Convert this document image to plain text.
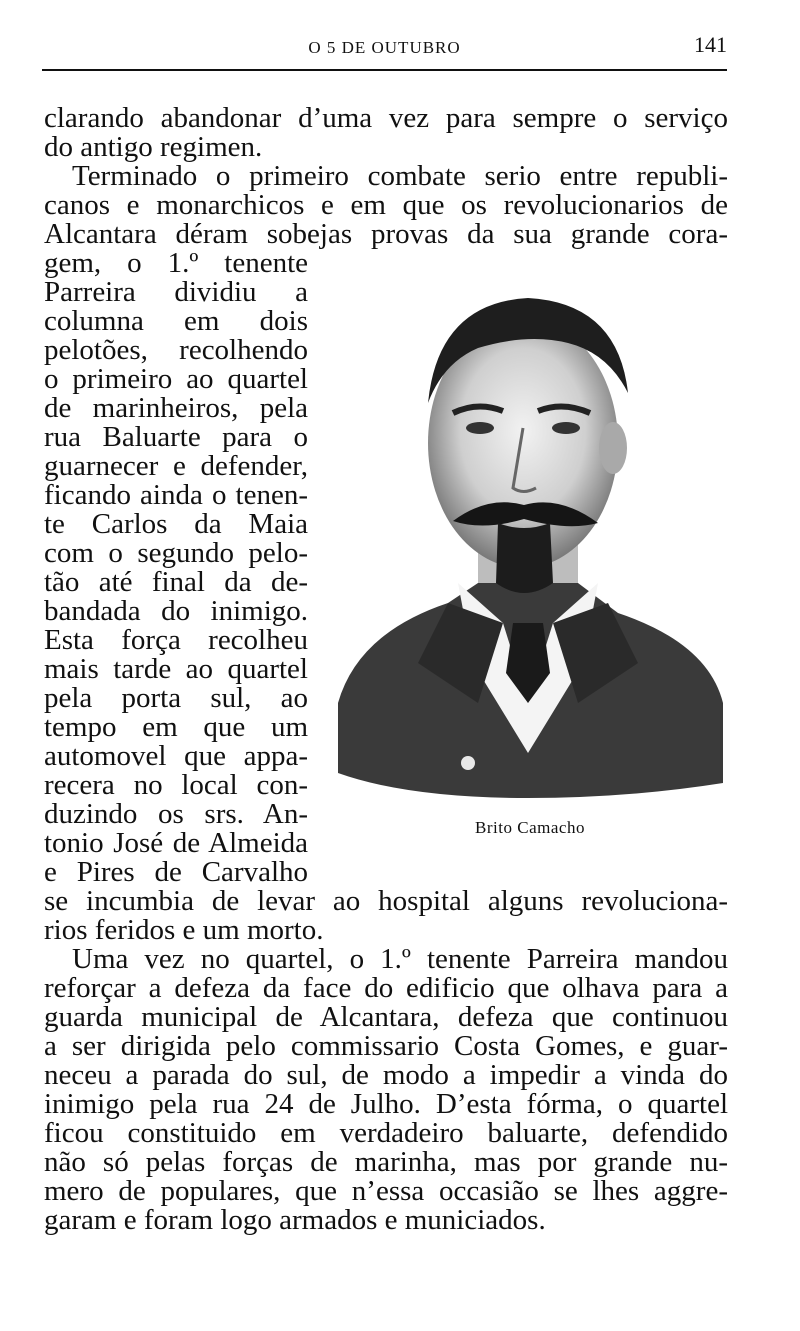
O 5 DE OUTUBRO	141
clarando abandonar d’uma vez para sempre o serviço
do antigo regimen.
Terminado o primeiro combate serio entre republi-
canos e monarchicos e em que os revolucionarios de
Alcantara déram sobejas provas da sua grande cora-
gem, o 1.º tenente
Parreira dividiu a
columna em dois
pelotões, recolhendo
o primeiro ao quartel
de marinheiros, pela
rua Baluarte para o
guarnecer e defender,
ficando ainda o tenen-
te Carlos da Maia
com o segundo pelo-
tão até final da de-
bandada do inimigo.
Esta força recolheu
mais tarde ao quartel
pela porta sul, ao
tempo em que um
automovel que appa-
recera no local con-
duzindo os srs. An-
tonio José de Almeida
e Pires de Carvalho
se incumbia de levar ao hospital alguns revoluciona-
rios feridos e um morto.
Uma vez no quartel, o 1.º tenente Parreira mandou
reforçar a defeza da face do edificio que olhava para a
guarda municipal de Alcantara, defeza que continuou
a ser dirigida pelo commissario Costa Gomes, e guar-
neceu a parada do sul, de modo a impedir a vinda do
inimigo pela rua 24 de Julho. D’esta fórma, o quartel
ficou constituido em verdadeiro baluarte, defendido
não só pelas forças de marinha, mas por grande nu-
mero de populares, que n’essa occasião se lhes aggre-
garam e foram logo armados e municiados.
Brito Camacho
